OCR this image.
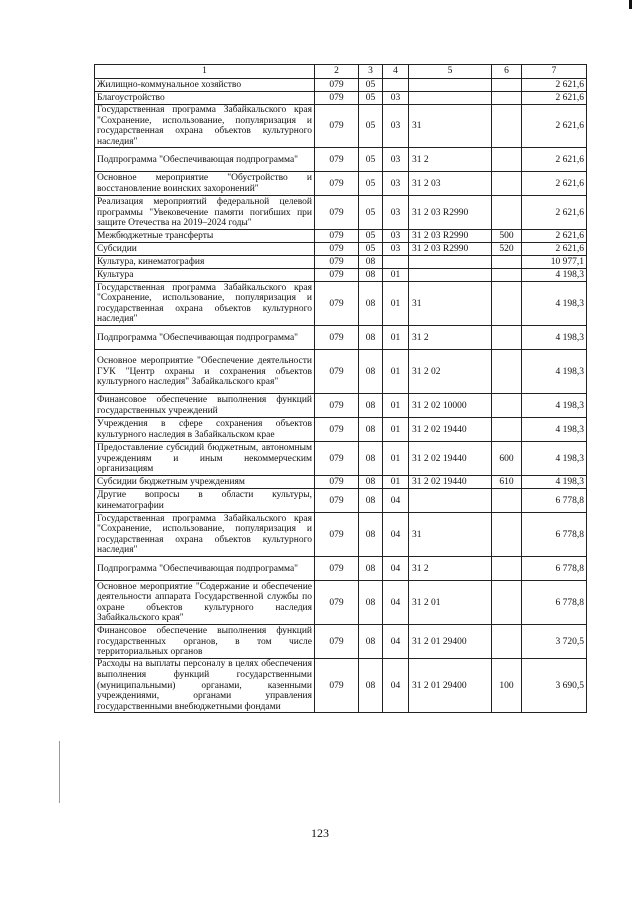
1	2	3	4	5	6	7
Жилищно-коммунальное хозяйство	079	05				2 621,6
Благоустройство	079	05	03			2 621,6
Государственная программа Забайкальского края "Сохранение, использование, популяризация и государственная охрана объектов культурного наследия"	079	05	03	31		2 621,6
Подпрограмма "Обеспечивающая подпрограмма"	079	05	03	31 2		2 621,6
Основное мероприятие "Обустройство и восстановление воинских захоронений"	079	05	03	31 2 03		2 621,6
Реализация мероприятий федеральной целевой программы "Увековечение памяти погибших при защите Отечества на 2019–2024 годы"	079	05	03	31 2 03 R2990		2 621,6
Межбюджетные трансферты	079	05	03	31 2 03 R2990	500	2 621,6
Субсидии	079	05	03	31 2 03 R2990	520	2 621,6
Культура, кинематография	079	08				10 977,1
Культура	079	08	01			4 198,3
Государственная программа Забайкальского края "Сохранение, использование, популяризация и государственная охрана объектов культурного наследия"	079	08	01	31		4 198,3
Подпрограмма "Обеспечивающая подпрограмма"	079	08	01	31 2		4 198,3
Основное мероприятие "Обеспечение деятельности ГУК "Центр охраны и сохранения объектов культурного наследия" Забайкальского края"	079	08	01	31 2 02		4 198,3
Финансовое обеспечение выполнения функций государственных учреждений	079	08	01	31 2 02 10000		4 198,3
Учреждения в сфере сохранения объектов культурного наследия в Забайкальском крае	079	08	01	31 2 02 19440		4 198,3
Предоставление субсидий бюджетным, автономным учреждениям и иным некоммерческим организациям	079	08	01	31 2 02 19440	600	4 198,3
Субсидии бюджетным учреждениям	079	08	01	31 2 02 19440	610	4 198,3
Другие вопросы в области культуры, кинематографии	079	08	04			6 778,8
Государственная программа Забайкальского края "Сохранение, использование, популяризация и государственная охрана объектов культурного наследия"	079	08	04	31		6 778,8
Подпрограмма "Обеспечивающая подпрограмма"	079	08	04	31 2		6 778,8
Основное мероприятие "Содержание и обеспечение деятельности аппарата Государственной службы по охране объектов культурного наследия Забайкальского края"	079	08	04	31 2 01		6 778,8
Финансовое обеспечение выполнения функций государственных органов, в том числе территориальных органов	079	08	04	31 2 01 29400		3 720,5
Расходы на выплаты персоналу в целях обеспечения выполнения функций государственными (муниципальными) органами, казенными учреждениями, органами управления государственными внебюджетными фондами	079	08	04	31 2 01 29400	100	3 690,5
123
